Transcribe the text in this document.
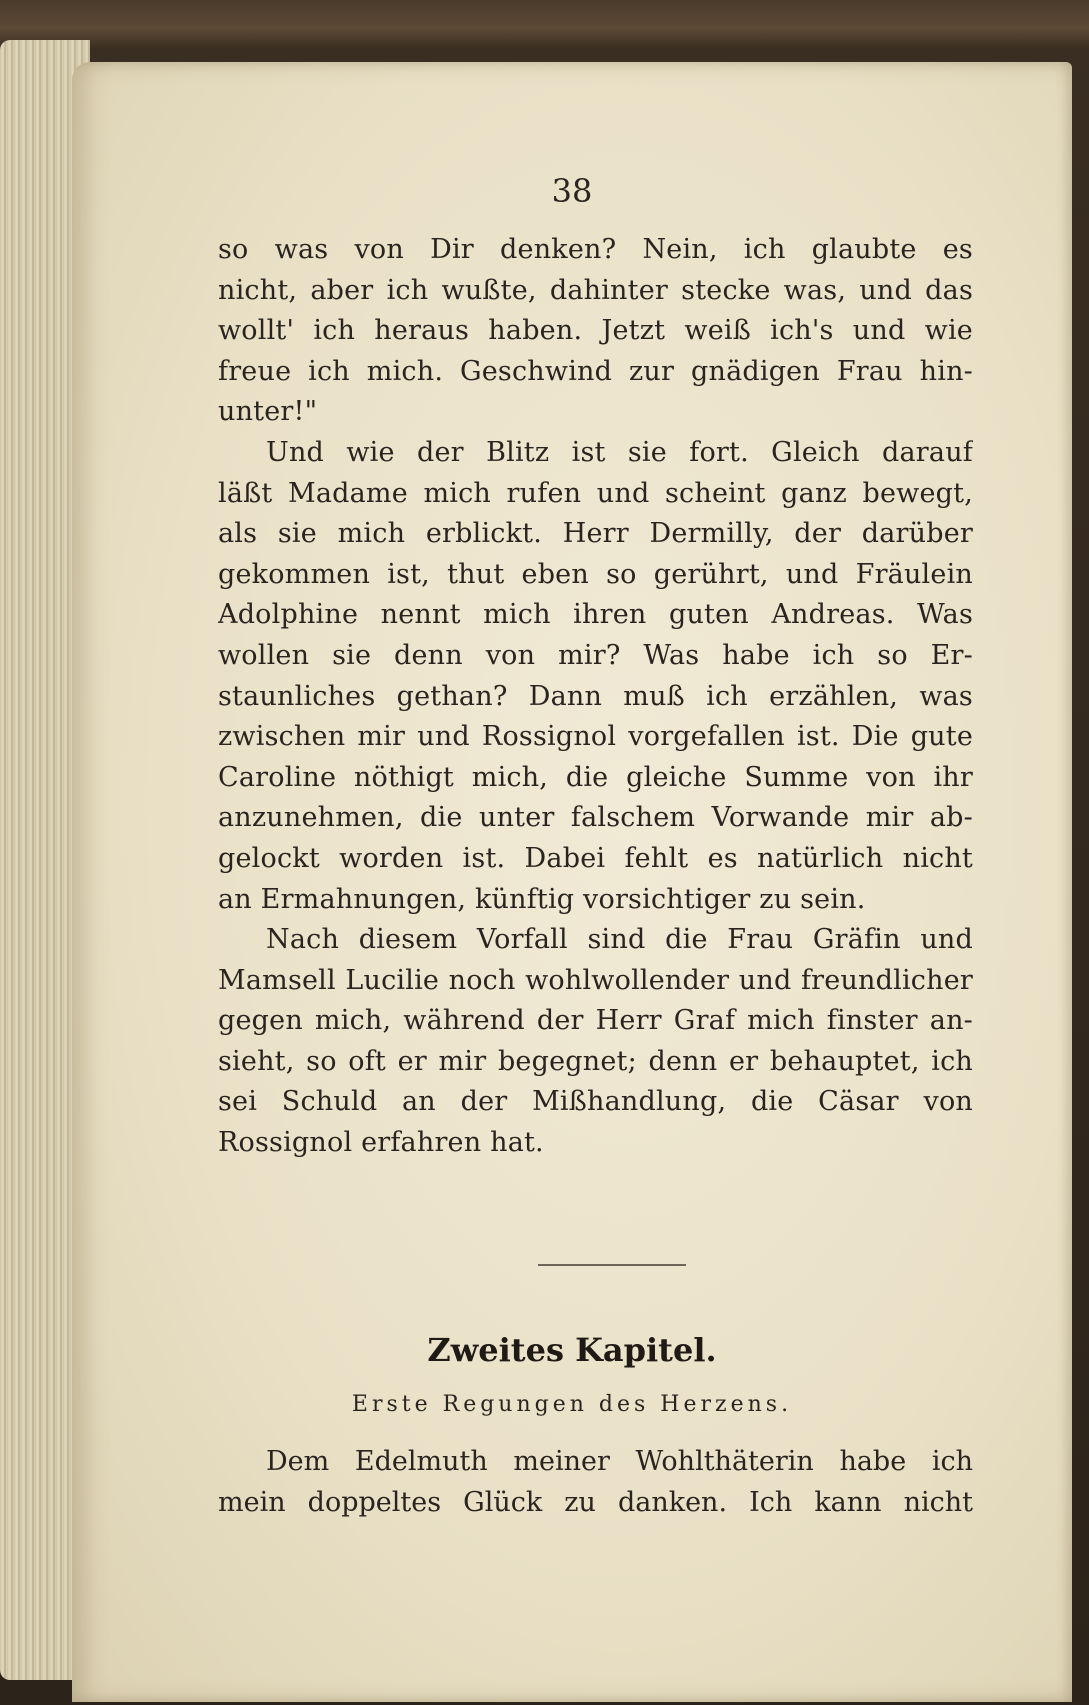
38
so was von Dir denken? Nein, ich glaubte es
nicht, aber ich wußte, dahinter stecke was, und das
wollt' ich heraus haben. Jetzt weiß ich's und wie
freue ich mich. Geschwind zur gnädigen Frau hin-
unter!"
Und wie der Blitz ist sie fort. Gleich darauf
läßt Madame mich rufen und scheint ganz bewegt,
als sie mich erblickt. Herr Dermilly, der darüber
gekommen ist, thut eben so gerührt, und Fräulein
Adolphine nennt mich ihren guten Andreas. Was
wollen sie denn von mir? Was habe ich so Er-
staunliches gethan? Dann muß ich erzählen, was
zwischen mir und Rossignol vorgefallen ist. Die gute
Caroline nöthigt mich, die gleiche Summe von ihr
anzunehmen, die unter falschem Vorwande mir ab-
gelockt worden ist. Dabei fehlt es natürlich nicht
an Ermahnungen, künftig vorsichtiger zu sein.
Nach diesem Vorfall sind die Frau Gräfin und
Mamsell Lucilie noch wohlwollender und freundlicher
gegen mich, während der Herr Graf mich finster an-
sieht, so oft er mir begegnet; denn er behauptet, ich
sei Schuld an der Mißhandlung, die Cäsar von
Rossignol erfahren hat.
Zweites Kapitel.
Erste Regungen des Herzens.
Dem Edelmuth meiner Wohlthäterin habe ich
mein doppeltes Glück zu danken. Ich kann nicht
